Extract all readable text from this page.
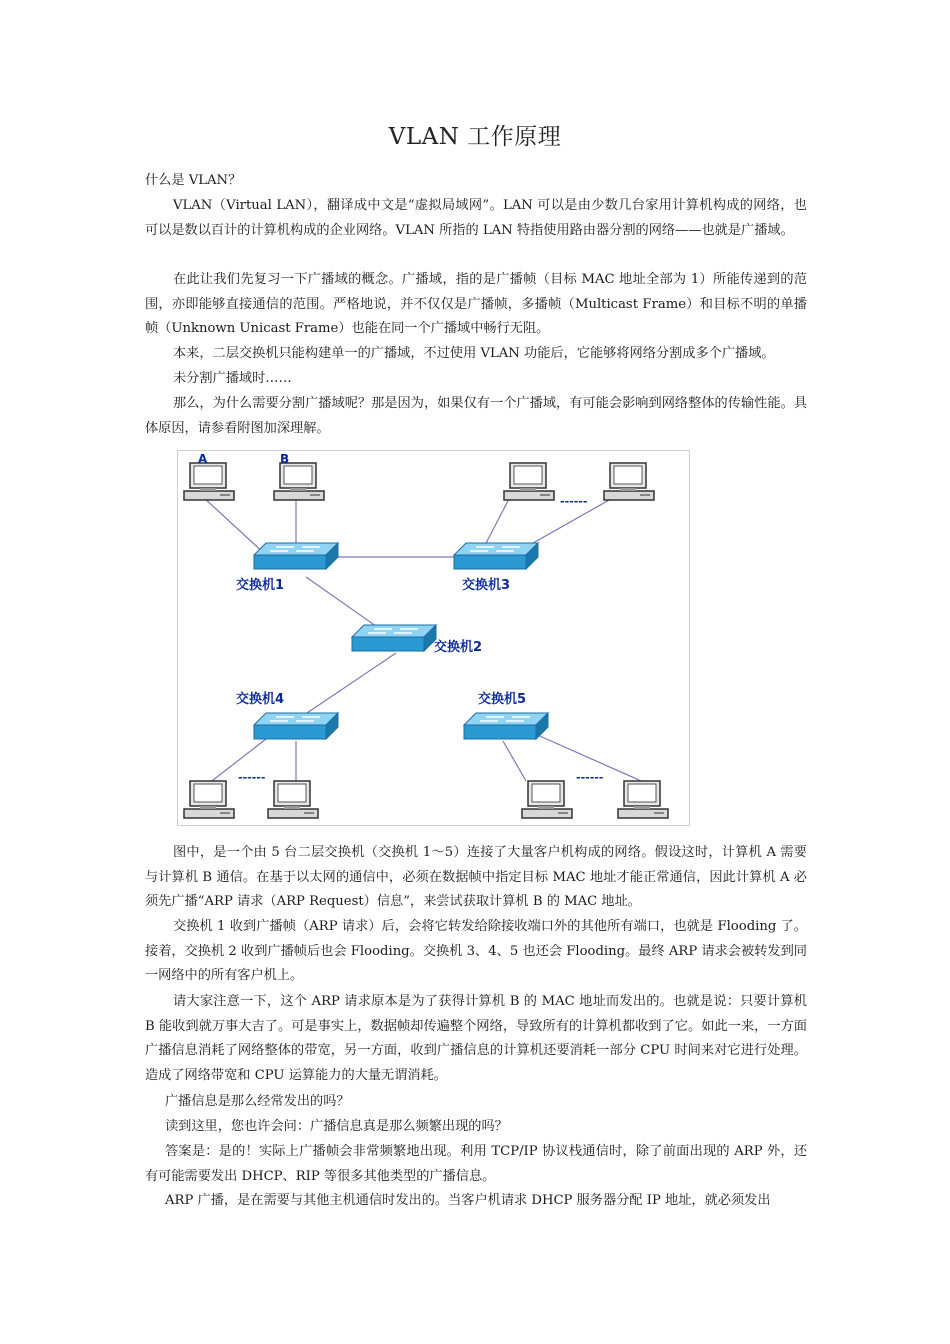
VLAN 工作原理

什么是 VLAN？

VLAN（Virtual LAN），翻译成中文是“虚拟局域网”。LAN 可以是由少数几台家用计算机构成的网络，也可以是数以百计的计算机构成的企业网络。VLAN 所指的 LAN 特指使用路由器分割的网络——也就是广播域。

在此让我们先复习一下广播域的概念。广播域，指的是广播帧（目标 MAC 地址全部为 1）所能传递到的范围，亦即能够直接通信的范围。严格地说，并不仅仅是广播帧，多播帧（Multicast Frame）和目标不明的单播帧（Unknown Unicast Frame）也能在同一个广播域中畅行无阻。

本来，二层交换机只能构建单一的广播域，不过使用 VLAN 功能后，它能够将网络分割成多个广播域。

未分割广播域时……

那么，为什么需要分割广播域呢？那是因为，如果仅有一个广播域，有可能会影响到网络整体的传输性能。具体原因，请参看附图加深理解。

A	B
交换机1	交换机3
交换机2
交换机4	交换机5
------
------	------

图中，是一个由 5 台二层交换机（交换机 1～5）连接了大量客户机构成的网络。假设这时，计算机 A 需要与计算机 B 通信。在基于以太网的通信中，必须在数据帧中指定目标 MAC 地址才能正常通信，因此计算机 A 必须先广播“ARP 请求（ARP Request）信息”，来尝试获取计算机 B 的 MAC 地址。

交换机 1 收到广播帧（ARP 请求）后，会将它转发给除接收端口外的其他所有端口，也就是 Flooding 了。接着，交换机 2 收到广播帧后也会 Flooding。交换机 3、4、5 也还会 Flooding。最终 ARP 请求会被转发到同一网络中的所有客户机上。

请大家注意一下，这个 ARP 请求原本是为了获得计算机 B 的 MAC 地址而发出的。也就是说：只要计算机 B 能收到就万事大吉了。可是事实上，数据帧却传遍整个网络，导致所有的计算机都收到了它。如此一来，一方面广播信息消耗了网络整体的带宽，另一方面，收到广播信息的计算机还要消耗一部分 CPU 时间来对它进行处理。造成了网络带宽和 CPU 运算能力的大量无谓消耗。

广播信息是那么经常发出的吗？

读到这里，您也许会问：广播信息真是那么频繁出现的吗？

答案是：是的！实际上广播帧会非常频繁地出现。利用 TCP/IP 协议栈通信时，除了前面出现的 ARP 外，还有可能需要发出 DHCP、RIP 等很多其他类型的广播信息。

ARP 广播，是在需要与其他主机通信时发出的。当客户机请求 DHCP 服务器分配 IP 地址，就必须发出
